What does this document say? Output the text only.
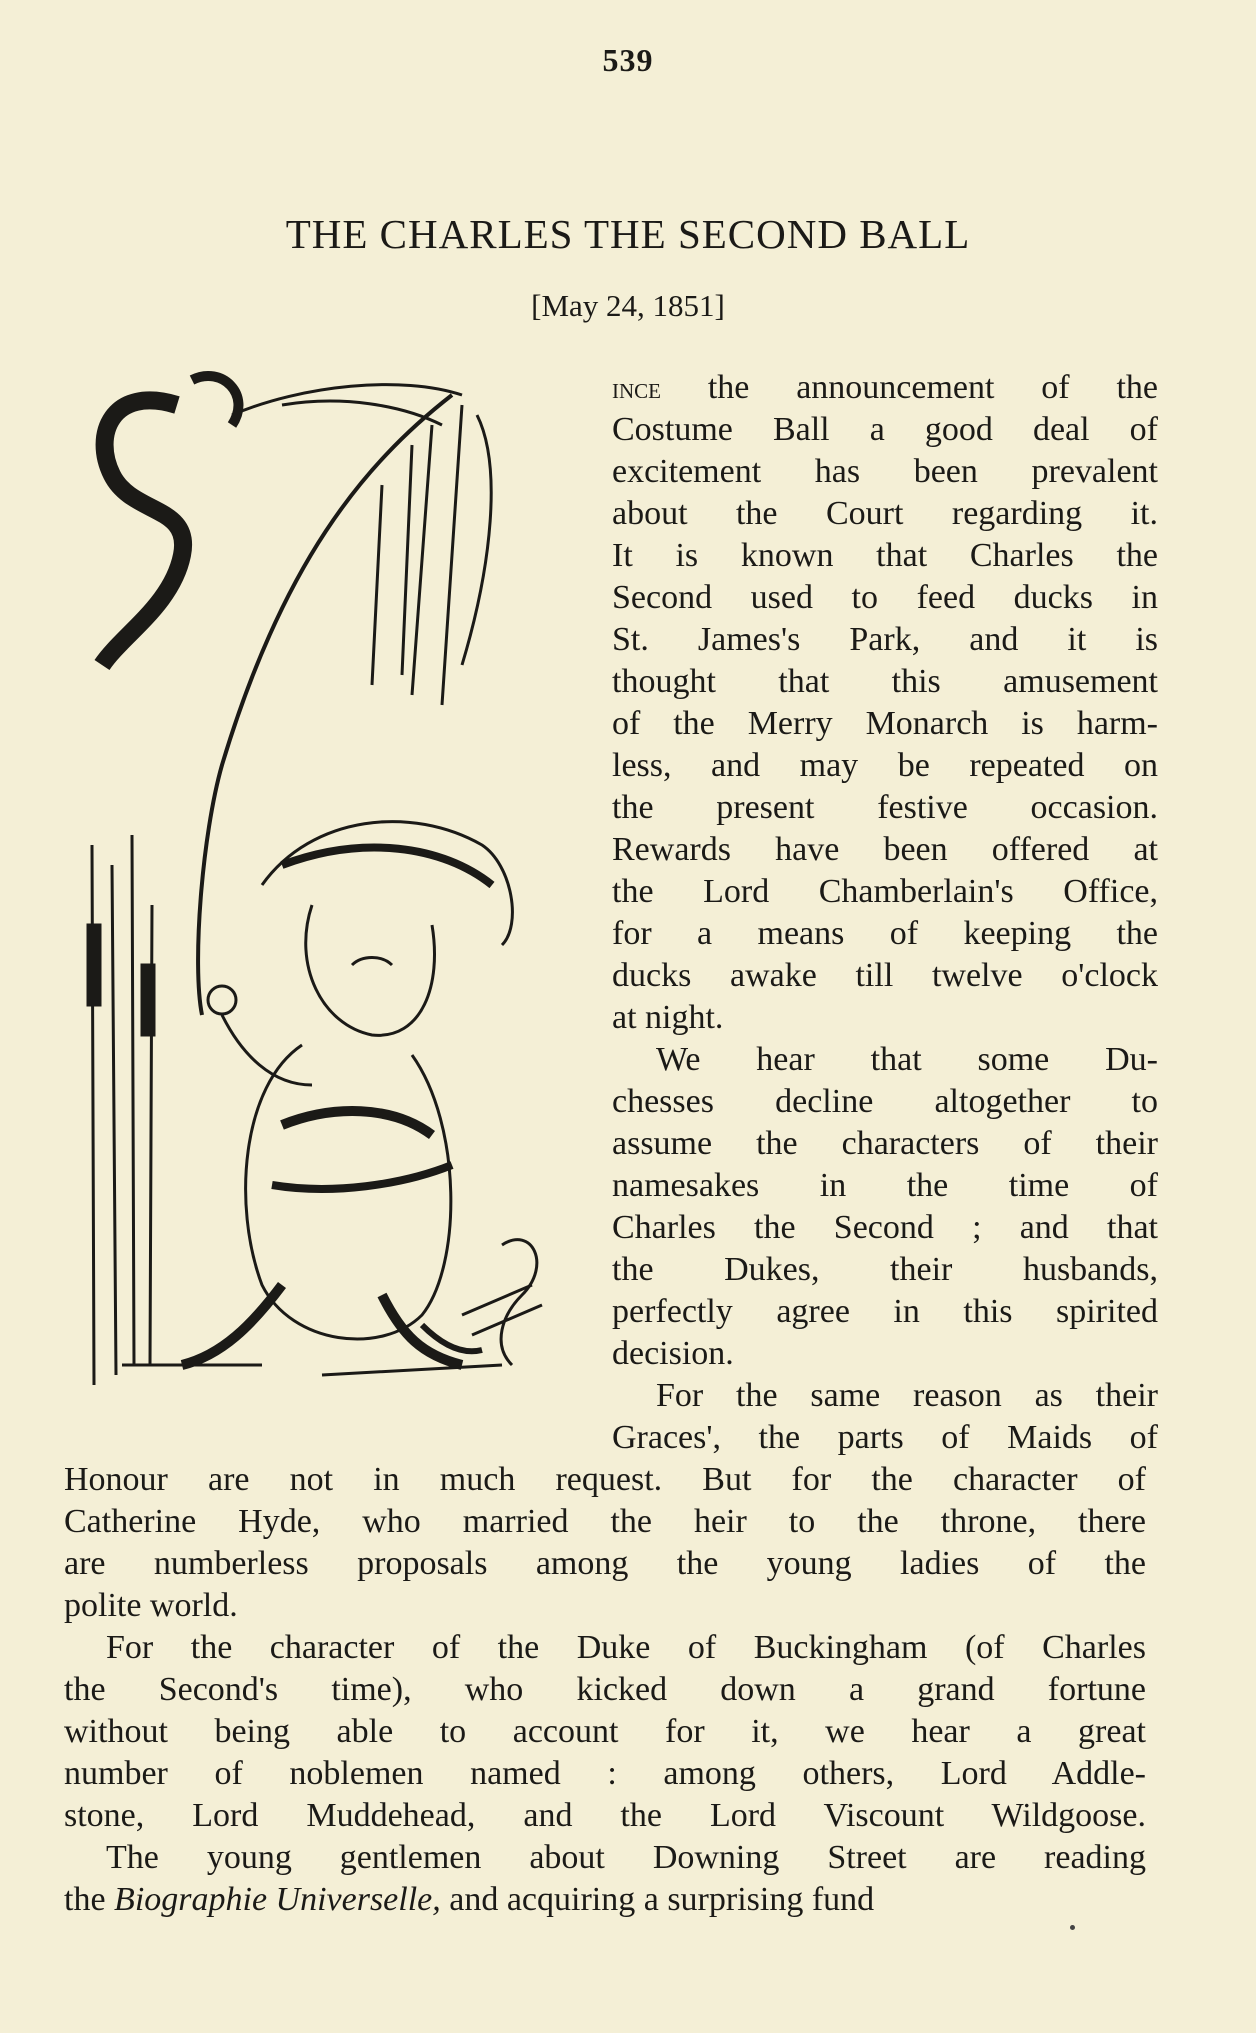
539
THE CHARLES THE SECOND BALL
[May 24, 1851]
ince the announcement of the
Costume Ball a good deal of
excitement has been prevalent
about the Court regarding it.
It is known that Charles the
Second used to feed ducks in
St. James's Park, and it is
thought that this amusement
of the Merry Monarch is harm-
less, and may be repeated on
the present festive occasion.
Rewards have been offered at
the Lord Chamberlain's Office,
for a means of keeping the
ducks awake till twelve o'clock
at night.
We hear that some Du-
chesses decline altogether to
assume the characters of their
namesakes in the time of
Charles the Second ; and that
the Dukes, their husbands,
perfectly agree in this spirited
decision.
For the same reason as their
Graces', the parts of Maids of
Honour are not in much request. But for the character of
Catherine Hyde, who married the heir to the throne, there
are numberless proposals among the young ladies of the
polite world.
For the character of the Duke of Buckingham (of Charles
the Second's time), who kicked down a grand fortune
without being able to account for it, we hear a great
number of noblemen named : among others, Lord Addle-
stone, Lord Muddehead, and the Lord Viscount Wildgoose.
The young gentlemen about Downing Street are reading
the Biographie Universelle, and acquiring a surprising fund
